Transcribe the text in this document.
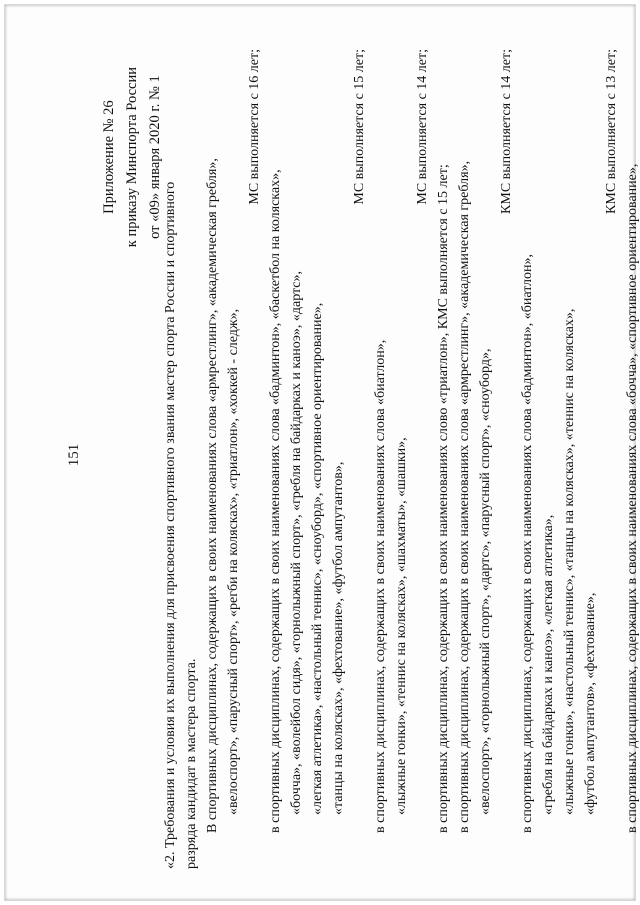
151
Приложение № 26 к приказу Минспорта России от «09» января 2020 г. № 1

«2. Требования и условия их выполнения для присвоения спортивного звания мастер спорта России и спортивного разряда кандидат в мастера спорта. В спортивных дисциплинах, содержащих в своих наименованиях слова «армрестлинг», «академическая гребля», «велоспорт», «парусный спорт», «регби на колясках», «триатлон», «хоккей - следж»,

МС выполняется с 16 лет;

в спортивных дисциплинах, содержащих в своих наименованиях слова «бадминтон», «баскетбол на колясках», «бочча», «волейбол сидя», «горнолыжный спорт», «гребля на байдарках и каноэ», «дартс», «легкая атлетика», «настольный теннис», «сноуборд», «спортивное ориентирование», «танцы на колясках», «фехтование», «футбол ампутантов»,

МС выполняется с 15 лет;

в спортивных дисциплинах, содержащих в своих наименованиях слова «биатлон», «лыжные гонки», «теннис на колясках», «шахматы», «шашки»,

МС выполняется с 14 лет;

в спортивных дисциплинах, содержащих в своих наименованиях слово «триатлон», КМС выполняется с 15 лет; в спортивных дисциплинах, содержащих в своих наименованиях слова «армрестлинг», «академическая гребля», «велоспорт», «горнолыжный спорт», «дартс», «парусный спорт», «сноуборд»,

КМС выполняется с 14 лет;

в спортивных дисциплинах, содержащих в своих наименованиях слова «бадминтон», «биатлон», «гребля на байдарках и каноэ», «легкая атлетика», «лыжные гонки», «настольный теннис», «танцы на колясках», «теннис на колясках», «футбол ампутантов», «фехтование»,

КМС выполняется с 13 лет;

в спортивных дисциплинах, содержащих в своих наименованиях слова «бочча», «спортивное ориентирование»,
